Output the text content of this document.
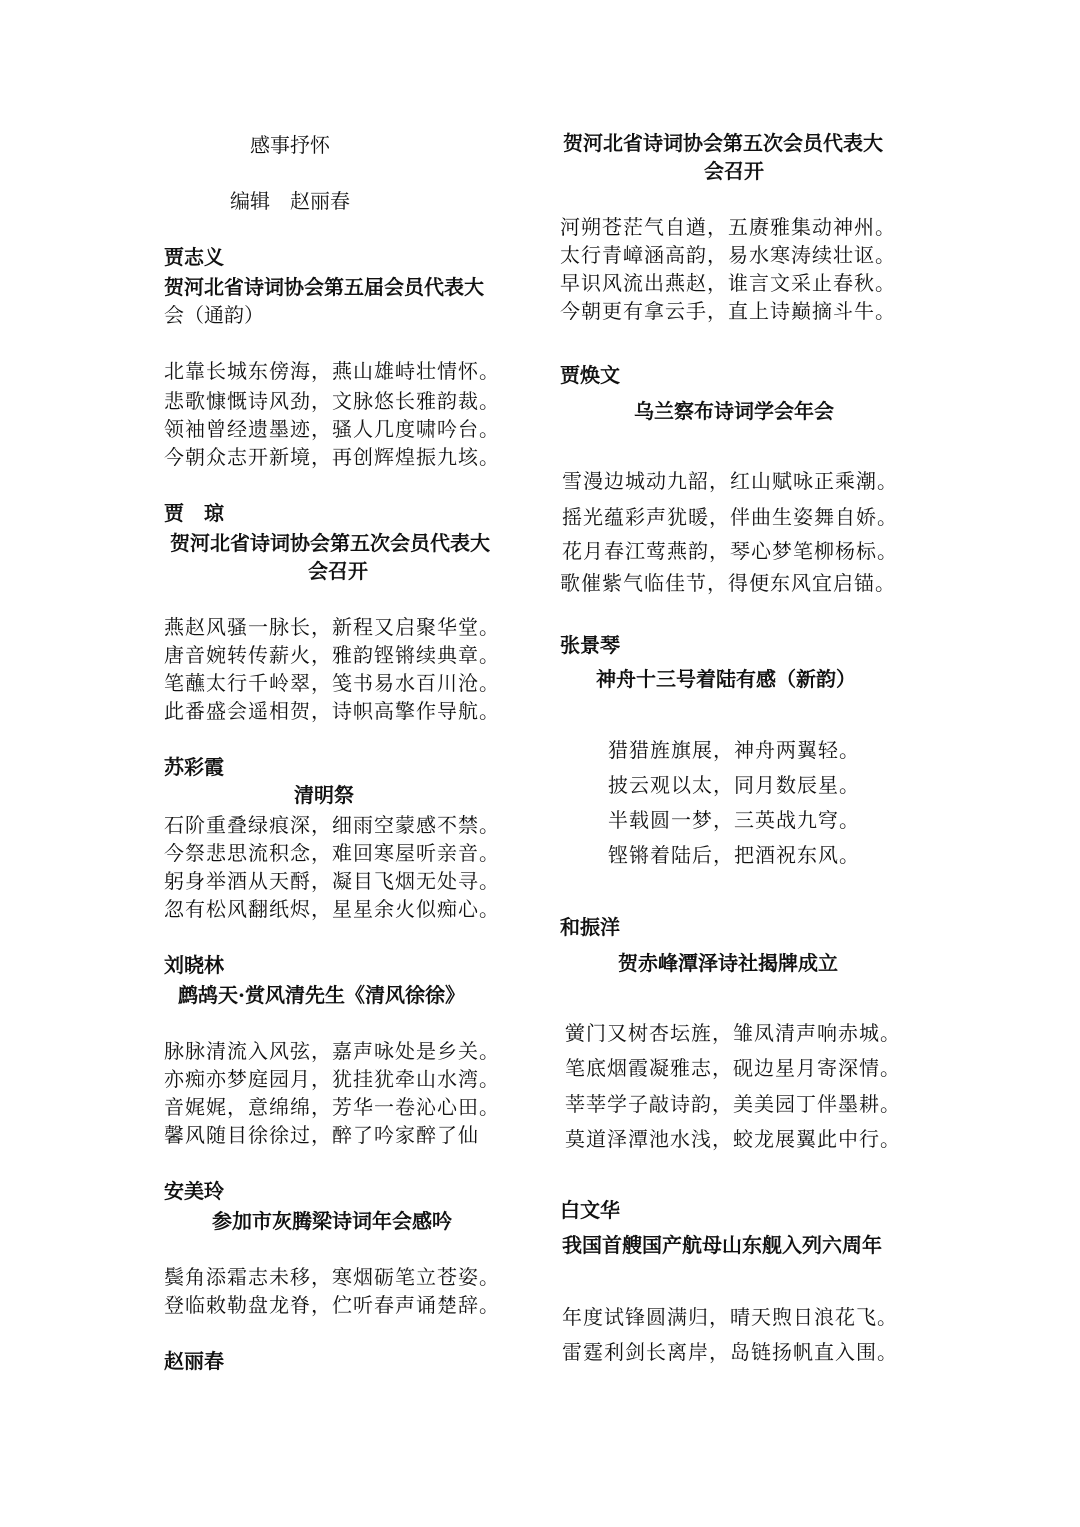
感事抒怀
编辑　赵丽春
贾志义
贺河北省诗词协会第五届会员代表大
会（通韵）
北靠长城东傍海，燕山雄峙壮情怀。
悲歌慷慨诗风劲，文脉悠长雅韵裁。
领袖曾经遗墨迹，骚人几度啸吟台。
今朝众志开新境，再创辉煌振九垓。
贾　琼
贺河北省诗词协会第五次会员代表大
会召开
燕赵风骚一脉长，新程又启聚华堂。
唐音婉转传薪火，雅韵铿锵续典章。
笔蘸太行千岭翠，笺书易水百川沧。
此番盛会遥相贺，诗帜高擎作导航。
苏彩霞
清明祭
石阶重叠绿痕深，细雨空蒙感不禁。
今祭悲思流积念，难回寒屋听亲音。
躬身举酒从天酹，凝目飞烟无处寻。
忽有松风翻纸烬，星星余火似痴心。
刘晓林
鹧鸪天·赏风清先生《清风徐徐》
脉脉清流入风弦，嘉声咏处是乡关。
亦痴亦梦庭园月，犹挂犹牵山水湾。
音娓娓，意绵绵，芳华一卷沁心田。
馨风随目徐徐过，醉了吟家醉了仙
安美玲
参加市灰腾梁诗词年会感吟
鬓角添霜志未移，寒烟砺笔立苍姿。
登临敕勒盘龙脊，伫听春声诵楚辞。
赵丽春
贺河北省诗词协会第五次会员代表大
会召开
河朔苍茫气自遒，五赓雅集动神州。
太行青嶂涵高韵，易水寒涛续壮讴。
早识风流出燕赵，谁言文采止春秋。
今朝更有拿云手，直上诗巅摘斗牛。
贾焕文
乌兰察布诗词学会年会
雪漫边城动九韶，红山赋咏正乘潮。
摇光蕴彩声犹暖，伴曲生姿舞自娇。
花月春江莺燕韵，琴心梦笔柳杨标。
歌催紫气临佳节，得便东风宜启锚。
张景琴
神舟十三号着陆有感（新韵）
猎猎旌旗展，神舟两翼轻。
披云观以太，同月数辰星。
半载圆一梦，三英战九穹。
铿锵着陆后，把酒祝东风。
和振洋
贺赤峰潭泽诗社揭牌成立
黉门又树杏坛旌，雏凤清声响赤城。
笔底烟霞凝雅志，砚边星月寄深情。
莘莘学子敲诗韵，美美园丁伴墨耕。
莫道泽潭池水浅，蛟龙展翼此中行。
白文华
我国首艘国产航母山东舰入列六周年
年度试锋圆满归，晴天煦日浪花飞。
雷霆利剑长离岸，岛链扬帆直入围。
